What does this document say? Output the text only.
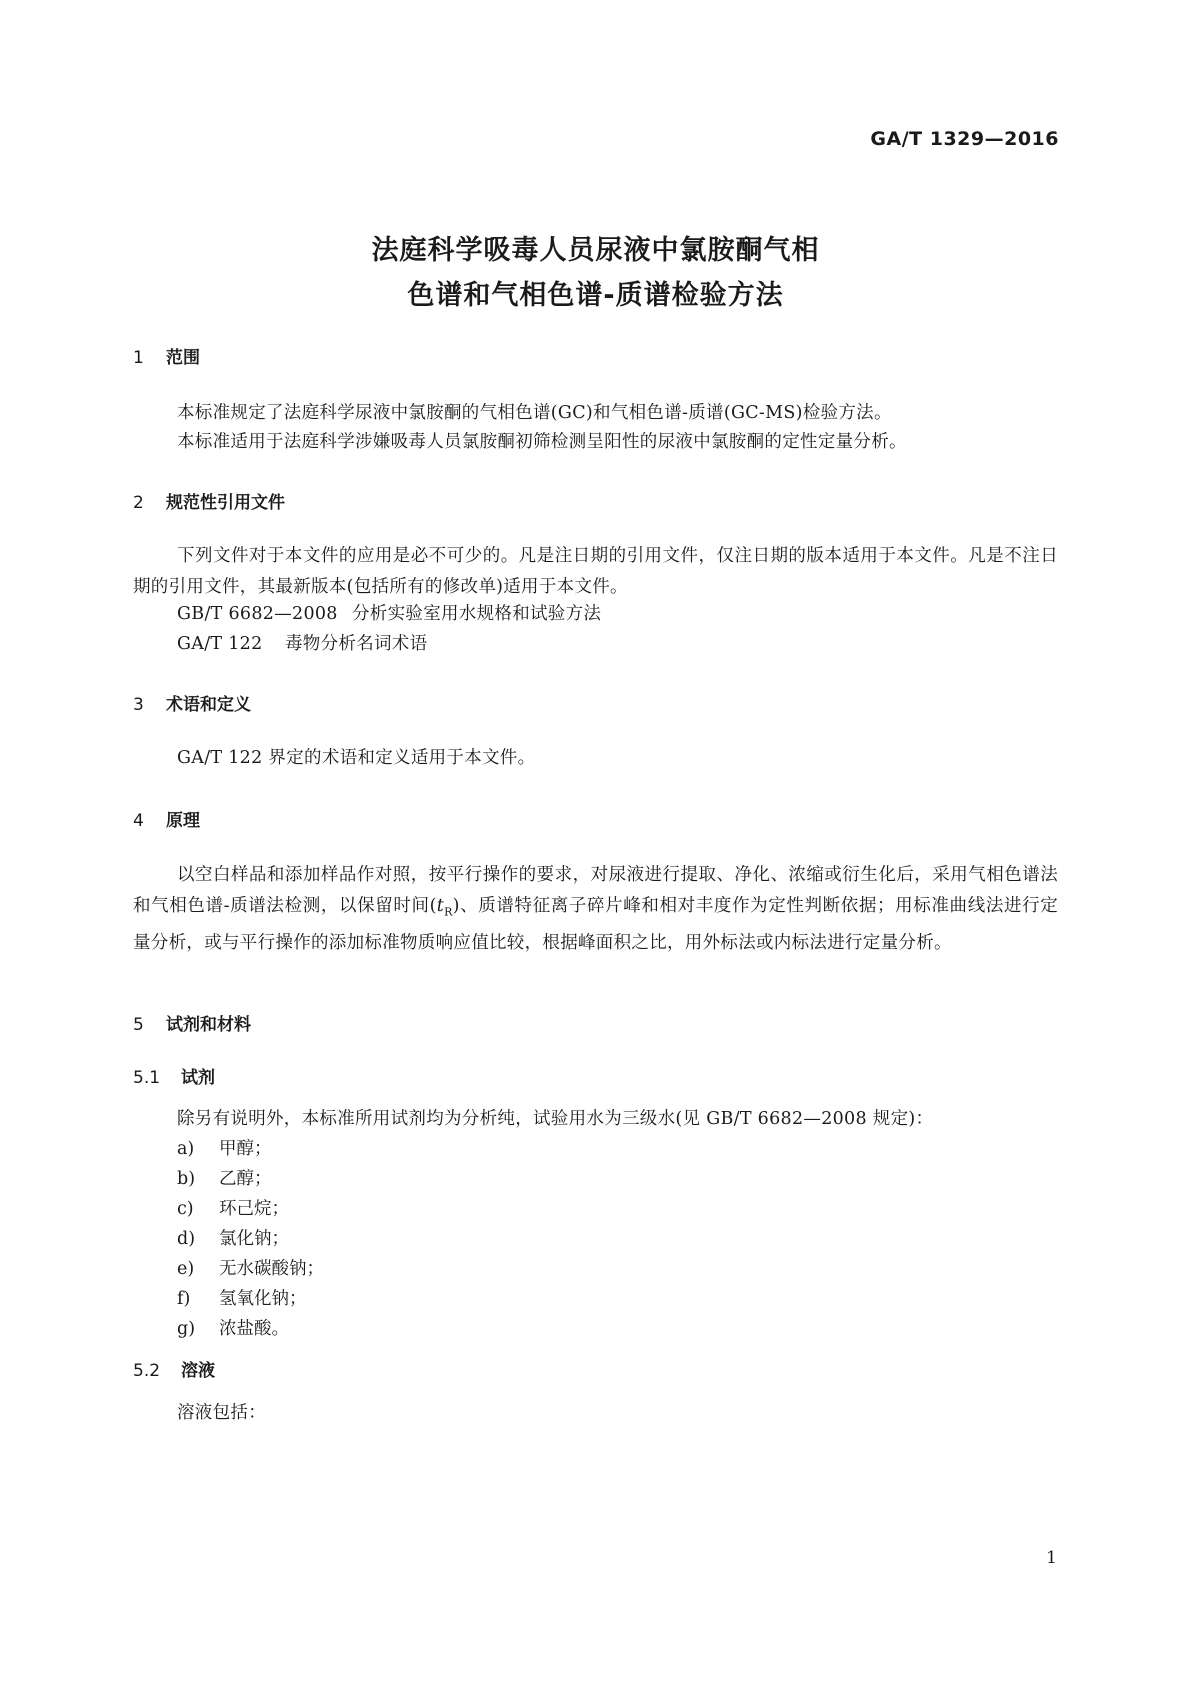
GA/T 1329—2016
法庭科学吸毒人员尿液中氯胺酮气相
色谱和气相色谱-质谱检验方法
1 范围
本标准规定了法庭科学尿液中氯胺酮的气相色谱(GC)和气相色谱-质谱(GC-MS)检验方法。
本标准适用于法庭科学涉嫌吸毒人员氯胺酮初筛检测呈阳性的尿液中氯胺酮的定性定量分析。
2 规范性引用文件
下列文件对于本文件的应用是必不可少的。凡是注日期的引用文件，仅注日期的版本适用于本文件。凡是不注日期的引用文件，其最新版本(包括所有的修改单)适用于本文件。
GB/T 6682—2008 分析实验室用水规格和试验方法
GA/T 122 毒物分析名词术语
3 术语和定义
GA/T 122 界定的术语和定义适用于本文件。
4 原理
以空白样品和添加样品作对照，按平行操作的要求，对尿液进行提取、净化、浓缩或衍生化后，采用气相色谱法和气相色谱-质谱法检测，以保留时间$(t_R)$、质谱特征离子碎片峰和相对丰度作为定性判断依据；用标准曲线法进行定量分析，或与平行操作的添加标准物质响应值比较，根据峰面积之比，用外标法或内标法进行定量分析。
5 试剂和材料
5.1 试剂
除另有说明外，本标准所用试剂均为分析纯，试验用水为三级水(见 GB/T 6682—2008 规定)：
a) 甲醇；
b) 乙醇；
c) 环己烷；
d) 氯化钠；
e) 无水碳酸钠；
f) 氢氧化钠；
g) 浓盐酸。
5.2 溶液
溶液包括：
1
